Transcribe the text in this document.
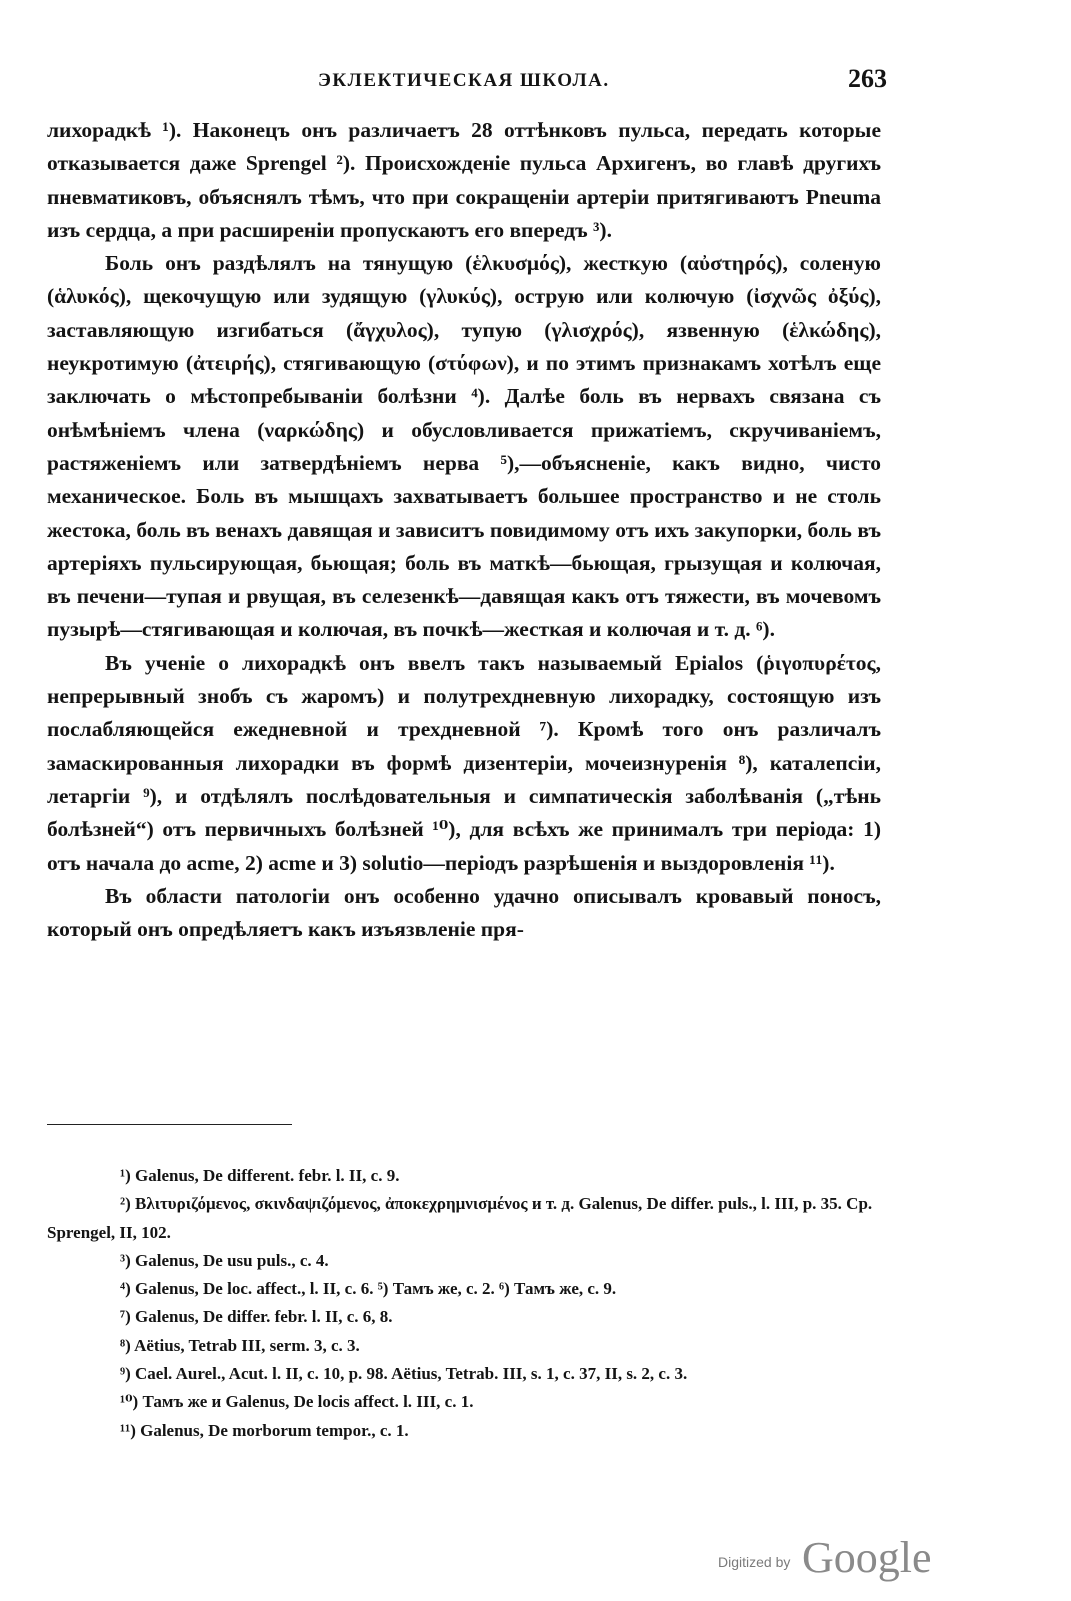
ЭКЛЕКТИЧЕСКАЯ ШКОЛА.	263

лихорадкѣ ¹). Наконецъ онъ различаетъ 28 оттѣнковъ пульса, передать которые отказывается даже Sprengel ²). Происхожденіе пульса Архигенъ, во главѣ другихъ пневматиковъ, объяснялъ тѣмъ, что при сокращеніи артеріи притягиваютъ Pneuma изъ сердца, а при расширеніи пропускаютъ его впередъ ³).

Боль онъ раздѣлялъ на тянущую (ἑλκυσμός), жесткую (αὐστηρός), соленую (ἁλυκός), щекочущую или зудящую (γλυκύς), острую или колючую (ἰσχνῶς ὀξύς), заставляющую изгибаться (ἄγχυλος), тупую (γλισχρός), язвенную (ἑλκώδης), неукротимую (ἀτειρής), стягивающую (στύφων), и по этимъ признакамъ хотѣлъ еще заключать о мѣстопребываніи болѣзни ⁴). Далѣе боль въ нервахъ связана съ онѣмѣніемъ члена (ναρκώδης) и обусловливается прижатіемъ, скручиваніемъ, растяженіемъ или затвердѣніемъ нерва ⁵),—объясненіе, какъ видно, чисто механическое. Боль въ мышцахъ захватываетъ большее пространство и не столь жестока, боль въ венахъ давящая и зависитъ повидимому отъ ихъ закупорки, боль въ артеріяхъ пульсирующая, бьющая; боль въ маткѣ—бьющая, грызущая и колючая, въ печени—тупая и рвущая, въ селезенкѣ—давящая какъ отъ тяжести, въ мочевомъ пузырѣ—стягивающая и колючая, въ почкѣ—жесткая и колючая и т. д. ⁶).

Въ ученіе о лихорадкѣ онъ ввелъ такъ называемый Epialos (ῥιγοπυρέτος, непрерывный знобъ съ жаромъ) и полутрехдневную лихорадку, состоящую изъ послабляющейся ежедневной и трехдневной ⁷). Кромѣ того онъ различалъ замаскированныя лихорадки въ формѣ дизентеріи, мочеизнуренія ⁸), каталепсіи, летаргіи ⁹), и отдѣлялъ послѣдовательныя и симпатическія заболѣванія („тѣнь болѣзней“) отъ первичныхъ болѣзней ¹⁰), для всѣхъ же принималъ три періода: 1) отъ начала до acme, 2) acme и 3) solutio—періодъ разрѣшенія и выздоровленія ¹¹).

Въ области патологіи онъ особенно удачно описывалъ кровавый поносъ, который онъ опредѣляетъ какъ изъязвленіе пря-

¹) Galenus, De different. febr. l. II, c. 9.

²) Βλιτυριζόμενος, σκινδαψιζόμενος, ἀποκεχρημνισμένος и т. д. Galenus, De differ. puls., l. III, p. 35. Cp. Sprengel, II, 102.

³) Galenus, De usu puls., c. 4.

⁴) Galenus, De loc. affect., l. II, c. 6. ⁵) Тамъ же, c. 2. ⁶) Тамъ же, c. 9.

⁷) Galenus, De differ. febr. l. II, c. 6, 8.

⁸) Aëtius, Tetrab III, serm. 3, c. 3.

⁹) Cael. Aurel., Acut. l. II, c. 10, p. 98. Aëtius, Tetrab. III, s. 1, c. 37, II, s. 2, c. 3.

¹⁰) Тамъ же и Galenus, De locis affect. l. III, c. 1.

¹¹) Galenus, De morborum tempor., c. 1.

Digitized by Google
